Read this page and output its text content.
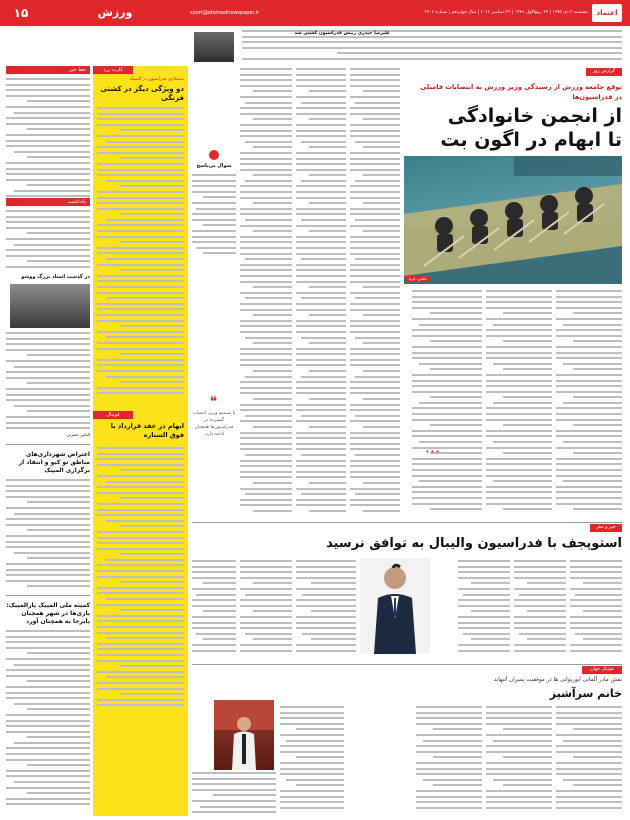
اعتماد
پنجشنبه ۲ دی ۱۳۹۵ | ۲۴ ربیع‌الاول ۱۴۳۸ | ۲۲ دسامبر ۲۰۱۶ | سال چهاردهم | شماره ۳۷۰۶
sport@etemadnewspaper.ir
ورزش
۱۵
علیرضا حیدری رییس فدراسیون کشتی شد
خط خبر
یادداشت
در گذشت استاد بزرگ ووشو
الیاس حضرتی
اعتراض شهرداری‌های مناطق تو کیو و انتقاد از برگزاری المپیک
کمیته ملی المپیک پارالمپیک: بازی‌ها در شهر همچنان پابرجا به همچنان آورد
کارت زرد
دستکاری فدراسیون در المپیک
دو ویژگی دیگر در کشتی فرنگی
فوتبال
ابهام در عقد قرارداد با فوق الستاره
سوال بی‌پاسخ
❝
با تصمیم وزیر، انتصاب گسترده در فدراسیون‌ها همچنان ادامه دارد.
گزارش روز
توقع جامعه ورزش از رسیدگی وزیر ورزش به انتصابات فامیلی در فدراسیون‌ها
از انجمن خانوادگی
تا ابهام در اگون بت
عکس: ایرنا
•••
خبر و نظر
استوپجف با فدراسیون والیبال به توافق نرسید
فوتبال جهان
نقش مادر آلمانی ابوریوانی ها در موفقیت پسران آتنهاند
خانم سرآشپز
